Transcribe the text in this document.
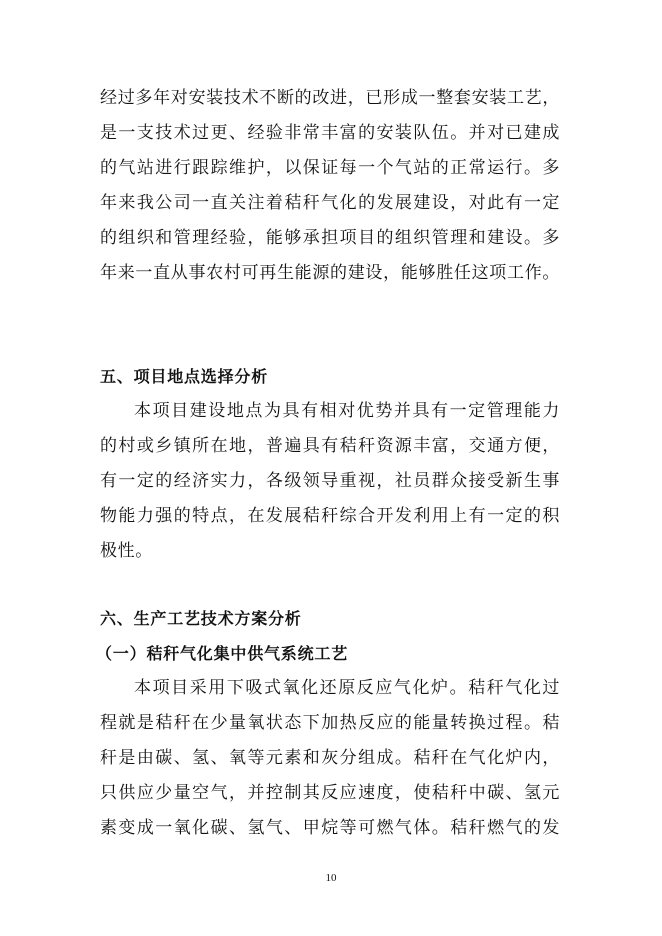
经过多年对安装技术不断的改进，已形成一整套安装工艺，
是一支技术过更、经验非常丰富的安装队伍。并对已建成
的气站进行跟踪维护，以保证每一个气站的正常运行。多
年来我公司一直关注着秸秆气化的发展建设，对此有一定
的组织和管理经验，能够承担项目的组织管理和建设。多
年来一直从事农村可再生能源的建设，能够胜任这项工作。
五、项目地点选择分析
本项目建设地点为具有相对优势并具有一定管理能力
的村或乡镇所在地，普遍具有秸秆资源丰富，交通方便，
有一定的经济实力，各级领导重视，社员群众接受新生事
物能力强的特点，在发展秸秆综合开发利用上有一定的积
极性。
六、生产工艺技术方案分析
（一）秸秆气化集中供气系统工艺
本项目采用下吸式氧化还原反应气化炉。秸秆气化过
程就是秸秆在少量氧状态下加热反应的能量转换过程。秸
秆是由碳、氢、氧等元素和灰分组成。秸秆在气化炉内，
只供应少量空气，并控制其反应速度，使秸秆中碳、氢元
素变成一氧化碳、氢气、甲烷等可燃气体。秸秆燃气的发
10
